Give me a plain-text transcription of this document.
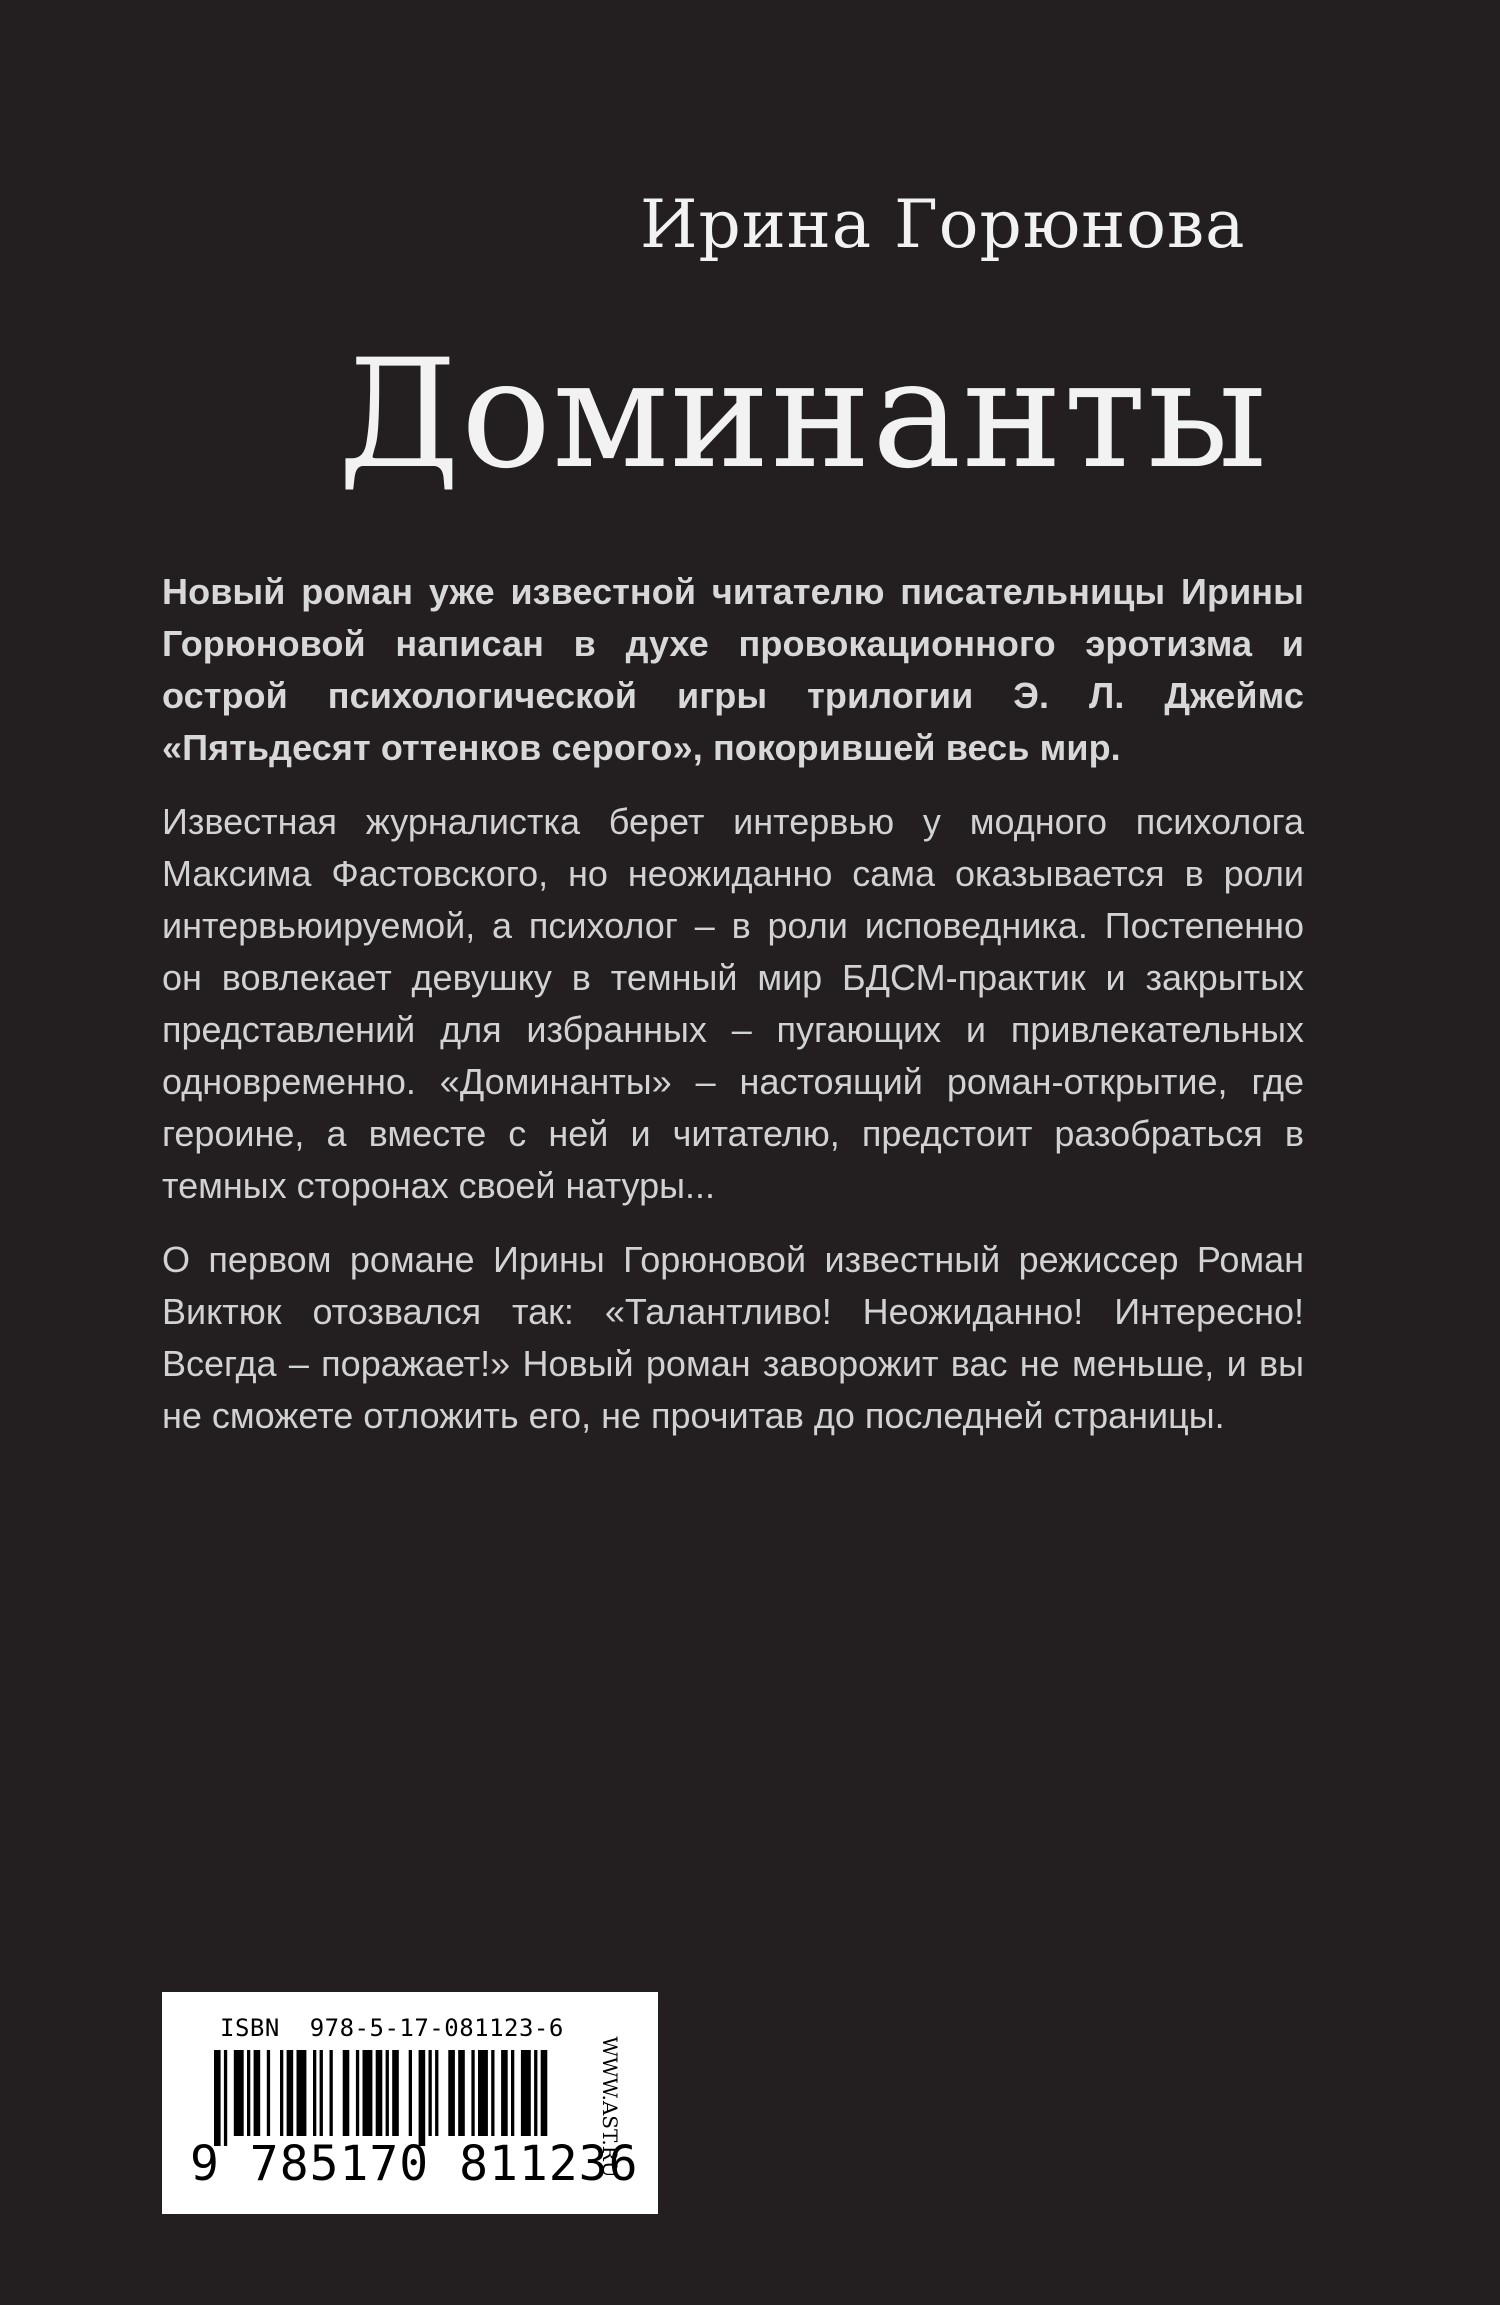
Ирина Горюнова
Доминанты

Новый роман уже известной читателю писательницы Ирины Горюновой написан в духе провокационного эротизма и острой психологической игры трилогии Э. Л. Джеймс «Пятьдесят оттенков серого», покорившей весь мир.

Известная журналистка берет интервью у модного психолога Максима Фастовского, но неожиданно сама оказывается в роли интервьюируемой, а психолог – в роли исповедника. Постепенно он вовлекает девушку в темный мир БДСМ-практик и закрытых представлений для избранных – пугающих и привлекательных одновременно. «Доминанты» – настоящий роман-открытие, где героине, а вместе с ней и читателю, предстоит разобраться в темных сторонах своей натуры...

О первом романе Ирины Горюновой известный режиссер Роман Виктюк отозвался так: «Талантливо! Неожиданно! Интересно! Всегда – поражает!» Новый роман заворожит вас не меньше, и вы не сможете отложить его, не прочитав до последней страницы.

ISBN  978-5-17-081123-6
9 785170 811236
WWW.AST.RU
